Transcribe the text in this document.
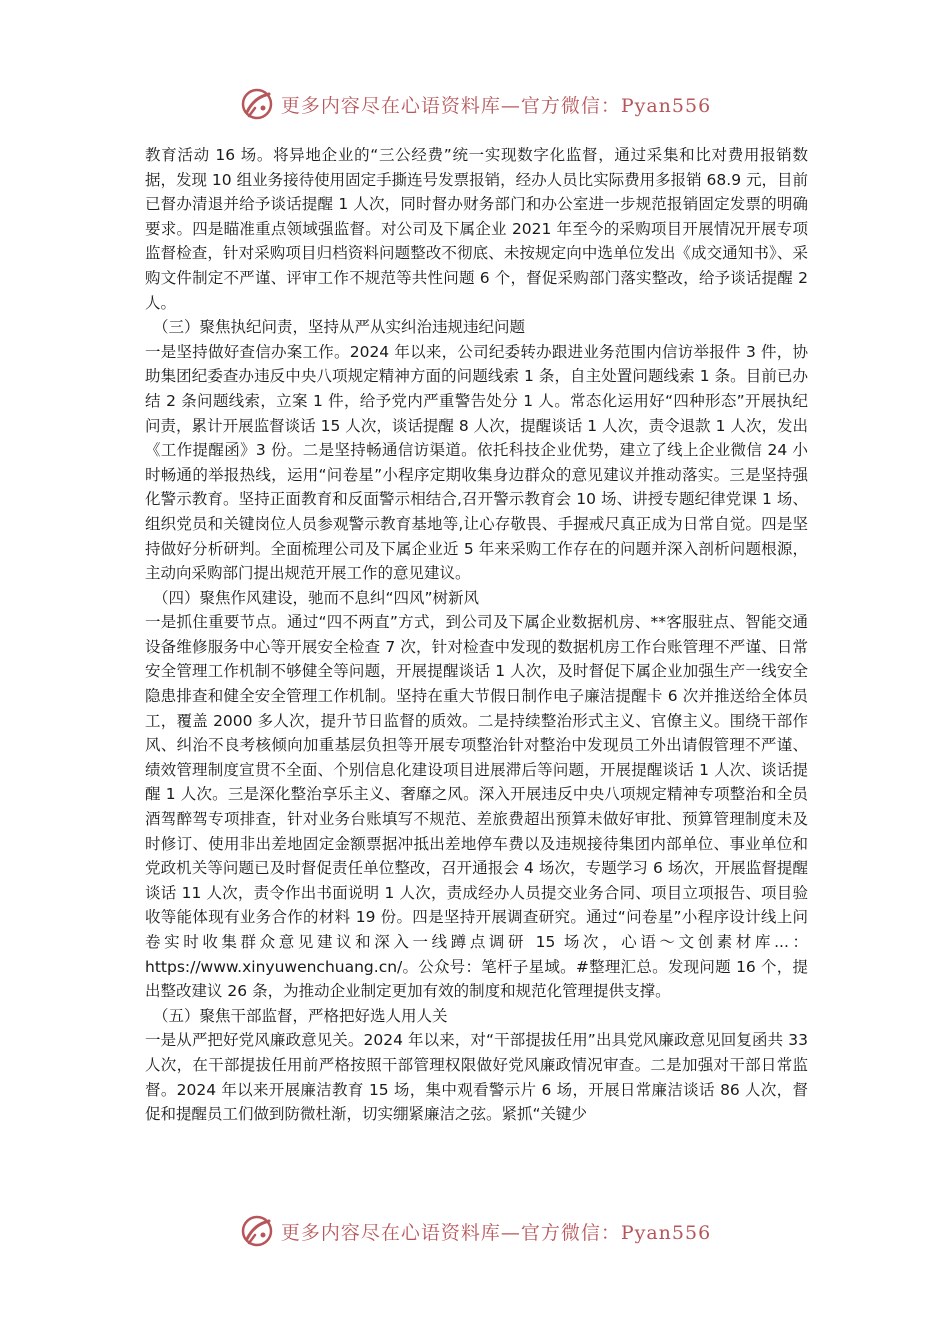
更多内容尽在心语资料库—官方微信：Pyan556

教育活动 16 场。将异地企业的“三公经费”统一实现数字化监督，通过采集和比对费用报销数据，发现 10 组业务接待使用固定手撕连号发票报销，经办人员比实际费用多报销 68.9 元，目前已督办清退并给予谈话提醒 1 人次，同时督办财务部门和办公室进一步规范报销固定发票的明确要求。四是瞄准重点领域强监督。对公司及下属企业 2021 年至今的采购项目开展情况开展专项监督检查，针对采购项目归档资料问题整改不彻底、未按规定向中选单位发出《成交通知书》、采购文件制定不严谨、评审工作不规范等共性问题 6 个，督促采购部门落实整改，给予谈话提醒 2 人。

（三）聚焦执纪问责，坚持从严从实纠治违规违纪问题

一是坚持做好查信办案工作。2024 年以来，公司纪委转办跟进业务范围内信访举报件 3 件，协助集团纪委查办违反中央八项规定精神方面的问题线索 1 条，自主处置问题线索 1 条。目前已办结 2 条问题线索，立案 1 件，给予党内严重警告处分 1 人。常态化运用好“四种形态”开展执纪问责，累计开展监督谈话 15 人次，谈话提醒 8 人次，提醒谈话 1 人次，责令退款 1 人次，发出《工作提醒函》3 份。二是坚持畅通信访渠道。依托科技企业优势，建立了线上企业微信 24 小时畅通的举报热线，运用“问卷星”小程序定期收集身边群众的意见建议并推动落实。三是坚持强化警示教育。坚持正面教育和反面警示相结合,召开警示教育会 10 场、讲授专题纪律党课 1 场、组织党员和关键岗位人员参观警示教育基地等,让心存敬畏、手握戒尺真正成为日常自觉。四是坚持做好分析研判。全面梳理公司及下属企业近 5 年来采购工作存在的问题并深入剖析问题根源，主动向采购部门提出规范开展工作的意见建议。

（四）聚焦作风建设，驰而不息纠“四风”树新风

一是抓住重要节点。通过“四不两直”方式，到公司及下属企业数据机房、**客服驻点、智能交通设备维修服务中心等开展安全检查 7 次，针对检查中发现的数据机房工作台账管理不严谨、日常安全管理工作机制不够健全等问题，开展提醒谈话 1 人次，及时督促下属企业加强生产一线安全隐患排查和健全安全管理工作机制。坚持在重大节假日制作电子廉洁提醒卡 6 次并推送给全体员工，覆盖 2000 多人次，提升节日监督的质效。二是持续整治形式主义、官僚主义。围绕干部作风、纠治不良考核倾向加重基层负担等开展专项整治针对整治中发现员工外出请假管理不严谨、绩效管理制度宣贯不全面、个别信息化建设项目进展滞后等问题，开展提醒谈话 1 人次、谈话提醒 1 人次。三是深化整治享乐主义、奢靡之风。深入开展违反中央八项规定精神专项整治和全员酒驾醉驾专项排查，针对业务台账填写不规范、差旅费超出预算未做好审批、预算管理制度未及时修订、使用非出差地固定金额票据冲抵出差地停车费以及违规接待集团内部单位、事业单位和党政机关等问题已及时督促责任单位整改，召开通报会 4 场次，专题学习 6 场次，开展监督提醒谈话 11 人次，责令作出书面说明 1 人次，责成经办人员提交业务合同、项目立项报告、项目验收等能体现有业务合作的材料 19 份。四是坚持开展调查研究。通过“问卷星”小程序设计线上问卷实时收集群众意见建议和深入一线蹲点调研 15 场次，心语～文创素材库...：https://www.xinyuwenchuang.cn/。公众号：笔杆子星域。#整理汇总。发现问题 16 个，提出整改建议 26 条，为推动企业制定更加有效的制度和规范化管理提供支撑。

（五）聚焦干部监督，严格把好选人用人关

一是从严把好党风廉政意见关。2024 年以来，对“干部提拔任用”出具党风廉政意见回复函共 33 人次，在干部提拔任用前严格按照干部管理权限做好党风廉政情况审查。二是加强对干部日常监督。2024 年以来开展廉洁教育 15 场，集中观看警示片 6 场，开展日常廉洁谈话 86 人次，督促和提醒员工们做到防微杜渐，切实绷紧廉洁之弦。紧抓“关键少

更多内容尽在心语资料库—官方微信：Pyan556
